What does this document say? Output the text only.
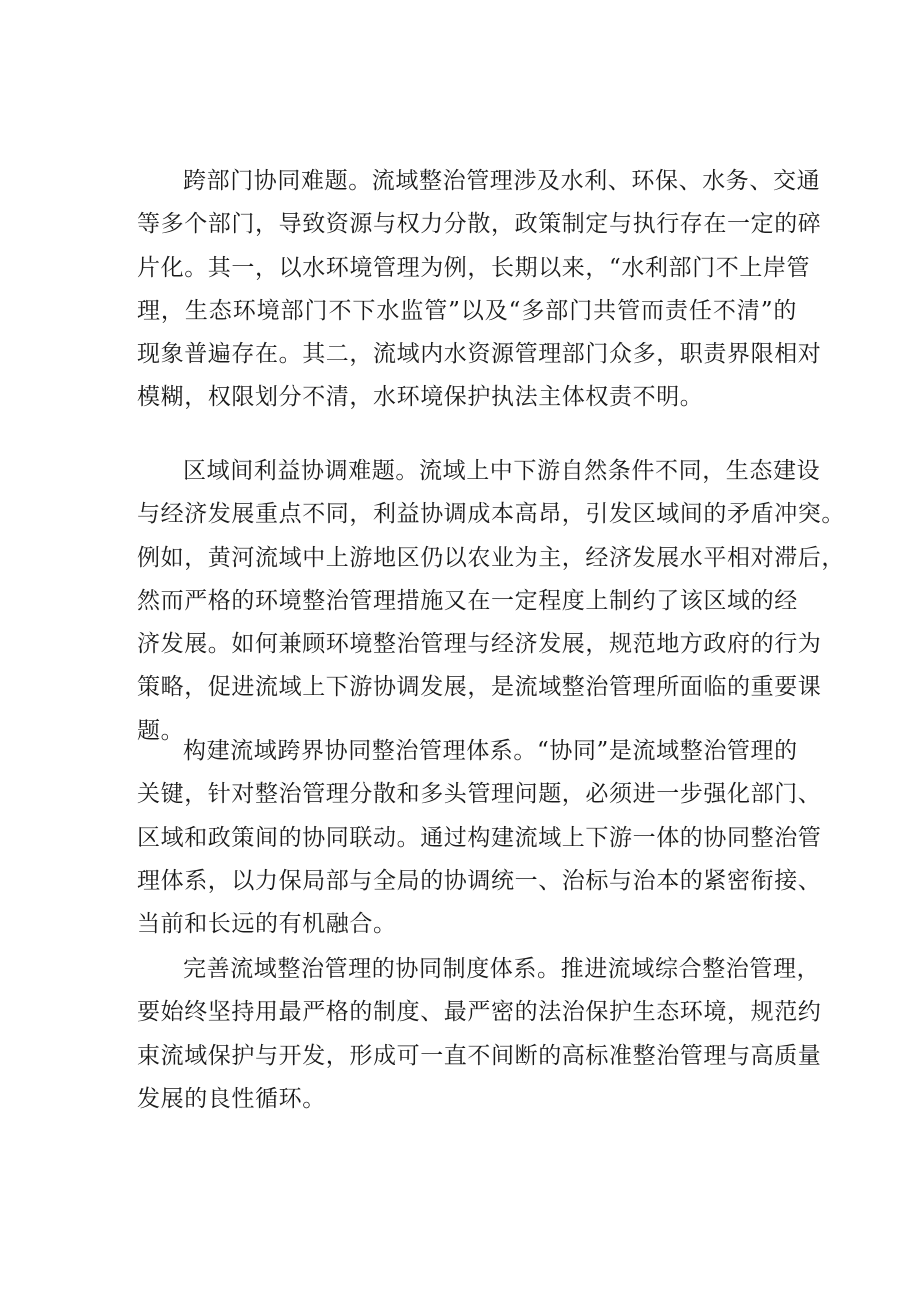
跨部门协同难题。流域整治管理涉及水利、环保、水务、交通
等多个部门，导致资源与权力分散，政策制定与执行存在一定的碎
片化。其一，以水环境管理为例，长期以来，“水利部门不上岸管
理，生态环境部门不下水监管”以及“多部门共管而责任不清”的
现象普遍存在。其二，流域内水资源管理部门众多，职责界限相对
模糊，权限划分不清，水环境保护执法主体权责不明。
区域间利益协调难题。流域上中下游自然条件不同，生态建设
与经济发展重点不同，利益协调成本高昂，引发区域间的矛盾冲突。
例如，黄河流域中上游地区仍以农业为主，经济发展水平相对滞后，
然而严格的环境整治管理措施又在一定程度上制约了该区域的经
济发展。如何兼顾环境整治管理与经济发展，规范地方政府的行为
策略，促进流域上下游协调发展，是流域整治管理所面临的重要课
题。
构建流域跨界协同整治管理体系。“协同”是流域整治管理的
关键，针对整治管理分散和多头管理问题，必须进一步强化部门、
区域和政策间的协同联动。通过构建流域上下游一体的协同整治管
理体系，以力保局部与全局的协调统一、治标与治本的紧密衔接、
当前和长远的有机融合。
完善流域整治管理的协同制度体系。推进流域综合整治管理，
要始终坚持用最严格的制度、最严密的法治保护生态环境，规范约
束流域保护与开发，形成可一直不间断的高标准整治管理与高质量
发展的良性循环。
